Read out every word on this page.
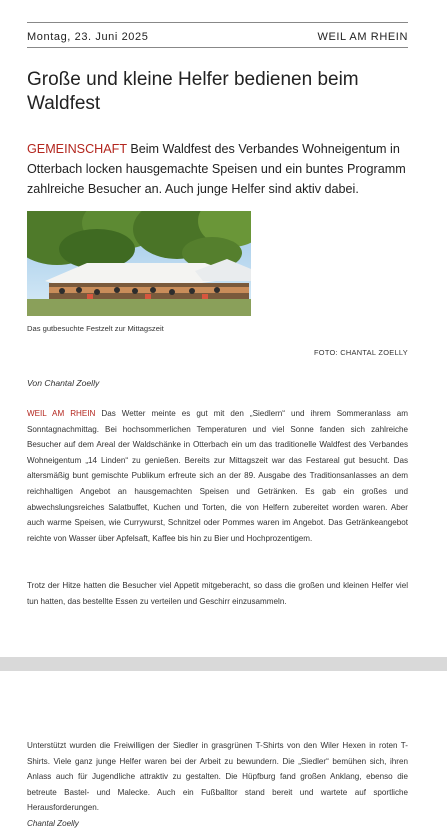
Montag, 23. Juni 2025	WEIL AM RHEIN
Große und kleine Helfer bedienen beim Waldfest

GEMEINSCHAFT Beim Waldfest des Verbandes Wohneigentum in Otterbach locken hausgemachte Speisen und ein buntes Programm zahlreiche Besucher an. Auch junge Helfer sind aktiv dabei.

Das gutbesuchte Festzelt zur Mittagszeit
FOTO: CHANTAL ZOELLY
Von Chantal Zoelly

WEIL AM RHEIN Das Wetter meinte es gut mit den „Siedlern“ und ihrem Sommeranlass am Sonntagnachmittag. Bei hochsommerlichen Temperaturen und viel Sonne fanden sich zahlreiche Besucher auf dem Areal der Waldschänke in Otterbach ein um das traditionelle Waldfest des Verbandes Wohneigentum „14 Linden“ zu genießen. Bereits zur Mittagszeit war das Festareal gut besucht. Das altersmäßig bunt gemischte Publikum erfreute sich an der 89. Ausgabe des Traditionsanlasses an dem reichhaltigen Angebot an hausgemachten Speisen und Getränken. Es gab ein großes und abwechslungsreiches Salatbuffet, Kuchen und Torten, die von Helfern zubereitet worden waren. Aber auch warme Speisen, wie Currywurst, Schnitzel oder Pommes waren im Angebot. Das Getränkeangebot reichte von Wasser über Apfelsaft, Kaffee bis hin zu Bier und Hochprozentigem.

Trotz der Hitze hatten die Besucher viel Appetit mitgeberacht, so dass die großen und kleinen Helfer viel tun hatten, das bestellte Essen zu verteilen und Geschirr einzusammeln.

Unterstützt wurden die Freiwilligen der Siedler in grasgrünen T-Shirts von den Wiler Hexen in roten T-Shirts. Viele ganz junge Helfer waren bei der Arbeit zu bewundern. Die „Siedler“ bemühen sich, ihren Anlass auch für Jugendliche attraktiv zu gestalten. Die Hüpfburg fand großen Anklang, ebenso die betreute Bastel- und Malecke. Auch ein Fußballtor stand bereit und wartete auf sportliche Herausforderungen.

Chantal Zoelly
